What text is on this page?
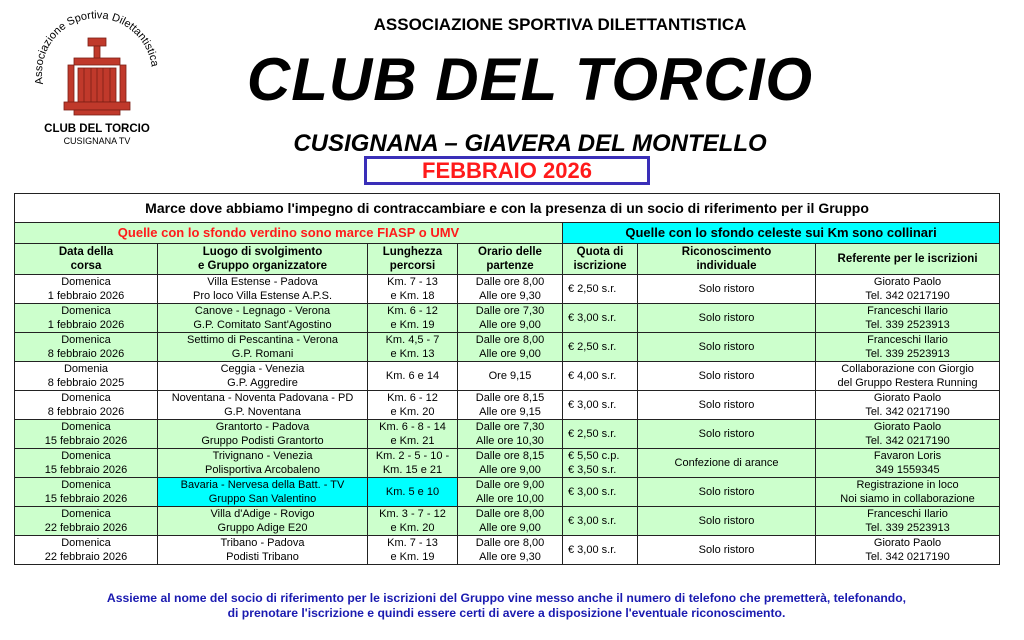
Associazione Sportiva Dilettantistica
CLUB DEL TORCIO
CUSIGNANA TV
ASSOCIAZIONE SPORTIVA DILETTANTISTICA
CLUB DEL TORCIO
CUSIGNANA – GIAVERA DEL MONTELLO
FEBBRAIO 2026
Marce dove abbiamo l'impegno di contraccambiare e con la presenza di un socio di riferimento per il Gruppo						
Quelle con lo sfondo verdino sono marce FIASP o UMV				Quelle con lo sfondo celeste sui Km sono collinari		

Data della
corsa	Luogo di svolgimento
e Gruppo organizzatore	Lunghezza
percorsi	Orario delle
partenze	Quota di
iscrizione	Riconoscimento
individuale	Referente per le iscrizioni

Domenica
1 febbraio 2026	Villa Estense - Padova
Pro loco Villa Estense A.P.S.	Km. 7 - 13
e Km. 18	Dalle ore 8,00
Alle ore 9,30	€ 2,50 s.r.	Solo ristoro	Giorato Paolo
Tel. 342 0217190

Domenica
1 febbraio 2026	Canove - Legnago - Verona
G.P. Comitato Sant'Agostino	Km. 6 - 12
e Km. 19	Dalle ore 7,30
Alle ore 9,00	€ 3,00 s.r.	Solo ristoro	Franceschi Ilario
Tel. 339 2523913

Domenica
8 febbraio 2026	Settimo di Pescantina - Verona
G.P. Romani	Km. 4,5 - 7
e Km. 13	Dalle ore 8,00
Alle ore 9,00	€ 2,50 s.r.	Solo ristoro	Franceschi Ilario
Tel. 339 2523913

Domenia
8 febbraio 2025	Ceggia - Venezia
G.P. Aggredire	Km. 6 e 14	Ore 9,15	€ 4,00 s.r.	Solo ristoro	Collaborazione con Giorgio
del Gruppo Restera Running

Domenica
8 febbraio 2026	Noventana - Noventa Padovana - PD
G.P. Noventana	Km. 6 - 12
e Km. 20	Dalle ore 8,15
Alle ore 9,15	€ 3,00 s.r.	Solo ristoro	Giorato Paolo
Tel. 342 0217190

Domenica
15 febbraio 2026	Grantorto - Padova
Gruppo Podisti Grantorto	Km. 6 - 8 - 14
e Km. 21	Dalle ore 7,30
Alle ore 10,30	€ 2,50 s.r.	Solo ristoro	Giorato Paolo
Tel. 342 0217190

Domenica
15 febbraio 2026	Trivignano - Venezia
Polisportiva Arcobaleno	Km. 2 - 5 - 10 -
Km. 15 e 21	Dalle ore 8,15
Alle ore 9,00	€ 5,50 c.p.
€ 3,50 s.r.	Confezione di arance	Favaron Loris
349 1559345

Domenica
15 febbraio 2026	Bavaria - Nervesa della Batt. - TV
Gruppo San Valentino	Km. 5 e 10	Dalle ore 9,00
Alle ore 10,00	€ 3,00 s.r.	Solo ristoro	Registrazione in loco
Noi siamo in collaborazione

Domenica
22 febbraio 2026	Villa d'Adige - Rovigo
Gruppo Adige E20	Km. 3 - 7 - 12
e Km. 20	Dalle ore 8,00
Alle ore 9,00	€ 3,00 s.r.	Solo ristoro	Franceschi Ilario
Tel. 339 2523913

Domenica
22 febbraio 2026	Tribano - Padova
Podisti Tribano	Km. 7 - 13
e Km. 19	Dalle ore 8,00
Alle ore 9,30	€ 3,00 s.r.	Solo ristoro	Giorato Paolo
Tel. 342 0217190
Assieme al nome del socio di riferimento per le iscrizioni del Gruppo vine messo anche il numero di telefono che premetterà, telefonando,
di prenotare l'iscrizione e quindi essere certi di avere a disposizione l'eventuale riconoscimento.
